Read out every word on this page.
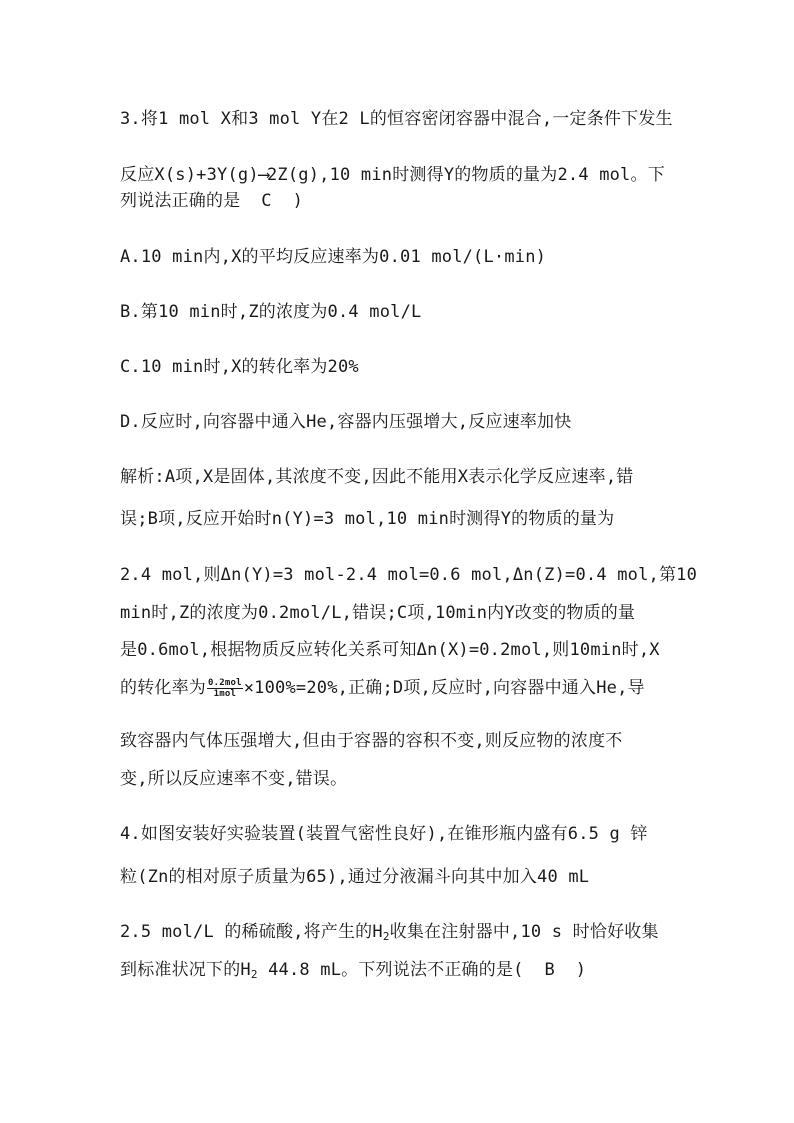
3.将1 mol X和3 mol Y在2 L的恒容密闭容器中混合,一定条件下发生

反应X(s)+3Y(g)⟶2Z(g),10 min时测得Y的物质的量为2.4 mol。下

列说法正确的是  C  )

A.10 min内,X的平均反应速率为0.01 mol/(L·min)

B.第10 min时,Z的浓度为0.4 mol/L

C.10 min时,X的转化率为20%

D.反应时,向容器中通入He,容器内压强增大,反应速率加快

解析:A项,X是固体,其浓度不变,因此不能用X表示化学反应速率,错

误;B项,反应开始时n(Y)=3 mol,10 min时测得Y的物质的量为

2.4 mol,则Δn(Y)=3 mol-2.4 mol=0.6 mol,Δn(Z)=0.4 mol,第10

min时,Z的浓度为0.2mol/L,错误;C项,10min内Y改变的物质的量

是0.6mol,根据物质反应转化关系可知Δn(X)=0.2mol,则10min时,X

的转化率为 $\frac{\text{0.2mol}}{\text{1mol}} \times 100\%=20\%$,正确;D项,反应时,向容器中通入He,导

致容器内气体压强增大,但由于容器的容积不变,则反应物的浓度不

变,所以反应速率不变,错误。

4.如图安装好实验装置(装置气密性良好),在锥形瓶内盛有6.5 g 锌

粒(Zn的相对原子质量为65),通过分液漏斗向其中加入40 mL

2.5 mol/L 的稀硫酸,将产生的$H_2$收集在注射器中,10 s 时恰好收集

到标准状况下的$H_2$ 44.8 mL。下列说法不正确的是(  B  )
